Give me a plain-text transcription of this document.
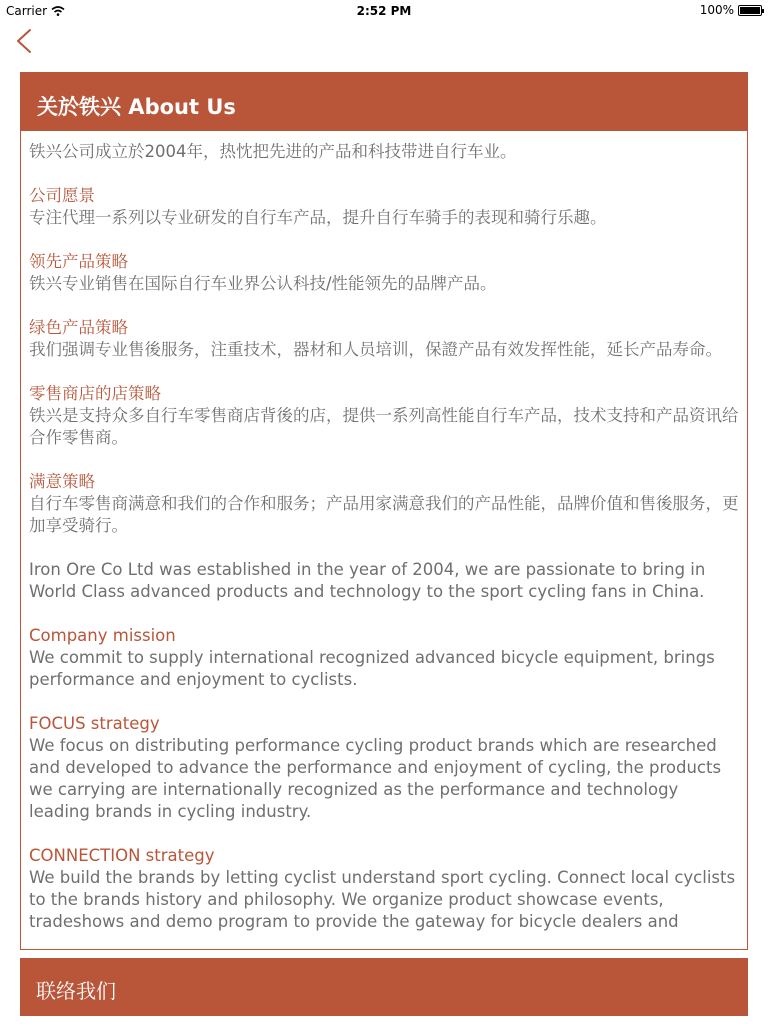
Carrier	2:52 PM	100%
关於铁兴 About Us
铁兴公司成立於2004年，热忱把先进的产品和科技带进自行车业。
公司愿景
专注代理一系列以专业研发的自行车产品，提升自行车骑手的表现和骑行乐趣。
领先产品策略
铁兴专业销售在国际自行车业界公认科技/性能领先的品牌产品。
绿色产品策略
我们强调专业售後服务，注重技术，器材和人员培训，保證产品有效发挥性能，延长产品寿命。
零售商店的店策略
铁兴是支持众多自行车零售商店背後的店，提供一系列高性能自行车产品，技术支持和产品资讯给合作零售商。
满意策略
自行车零售商满意和我们的合作和服务；产品用家满意我们的产品性能，品牌价值和售後服务，更加享受骑行。
Iron Ore Co Ltd was established in the year of 2004, we are passionate to bring in World Class advanced products and technology to the sport cycling fans in China.
Company mission
We commit to supply international recognized advanced bicycle equipment, brings performance and enjoyment to cyclists.
FOCUS strategy
We focus on distributing performance cycling product brands which are researched and developed to advance the performance and enjoyment of cycling, the products we carrying are internationally recognized as the performance and technology leading brands in cycling industry.
CONNECTION strategy
We build the brands by letting cyclist understand sport cycling. Connect local cyclists to the brands history and philosophy. We organize product showcase events, tradeshows and demo program to provide the gateway for bicycle dealers and
联络我们
